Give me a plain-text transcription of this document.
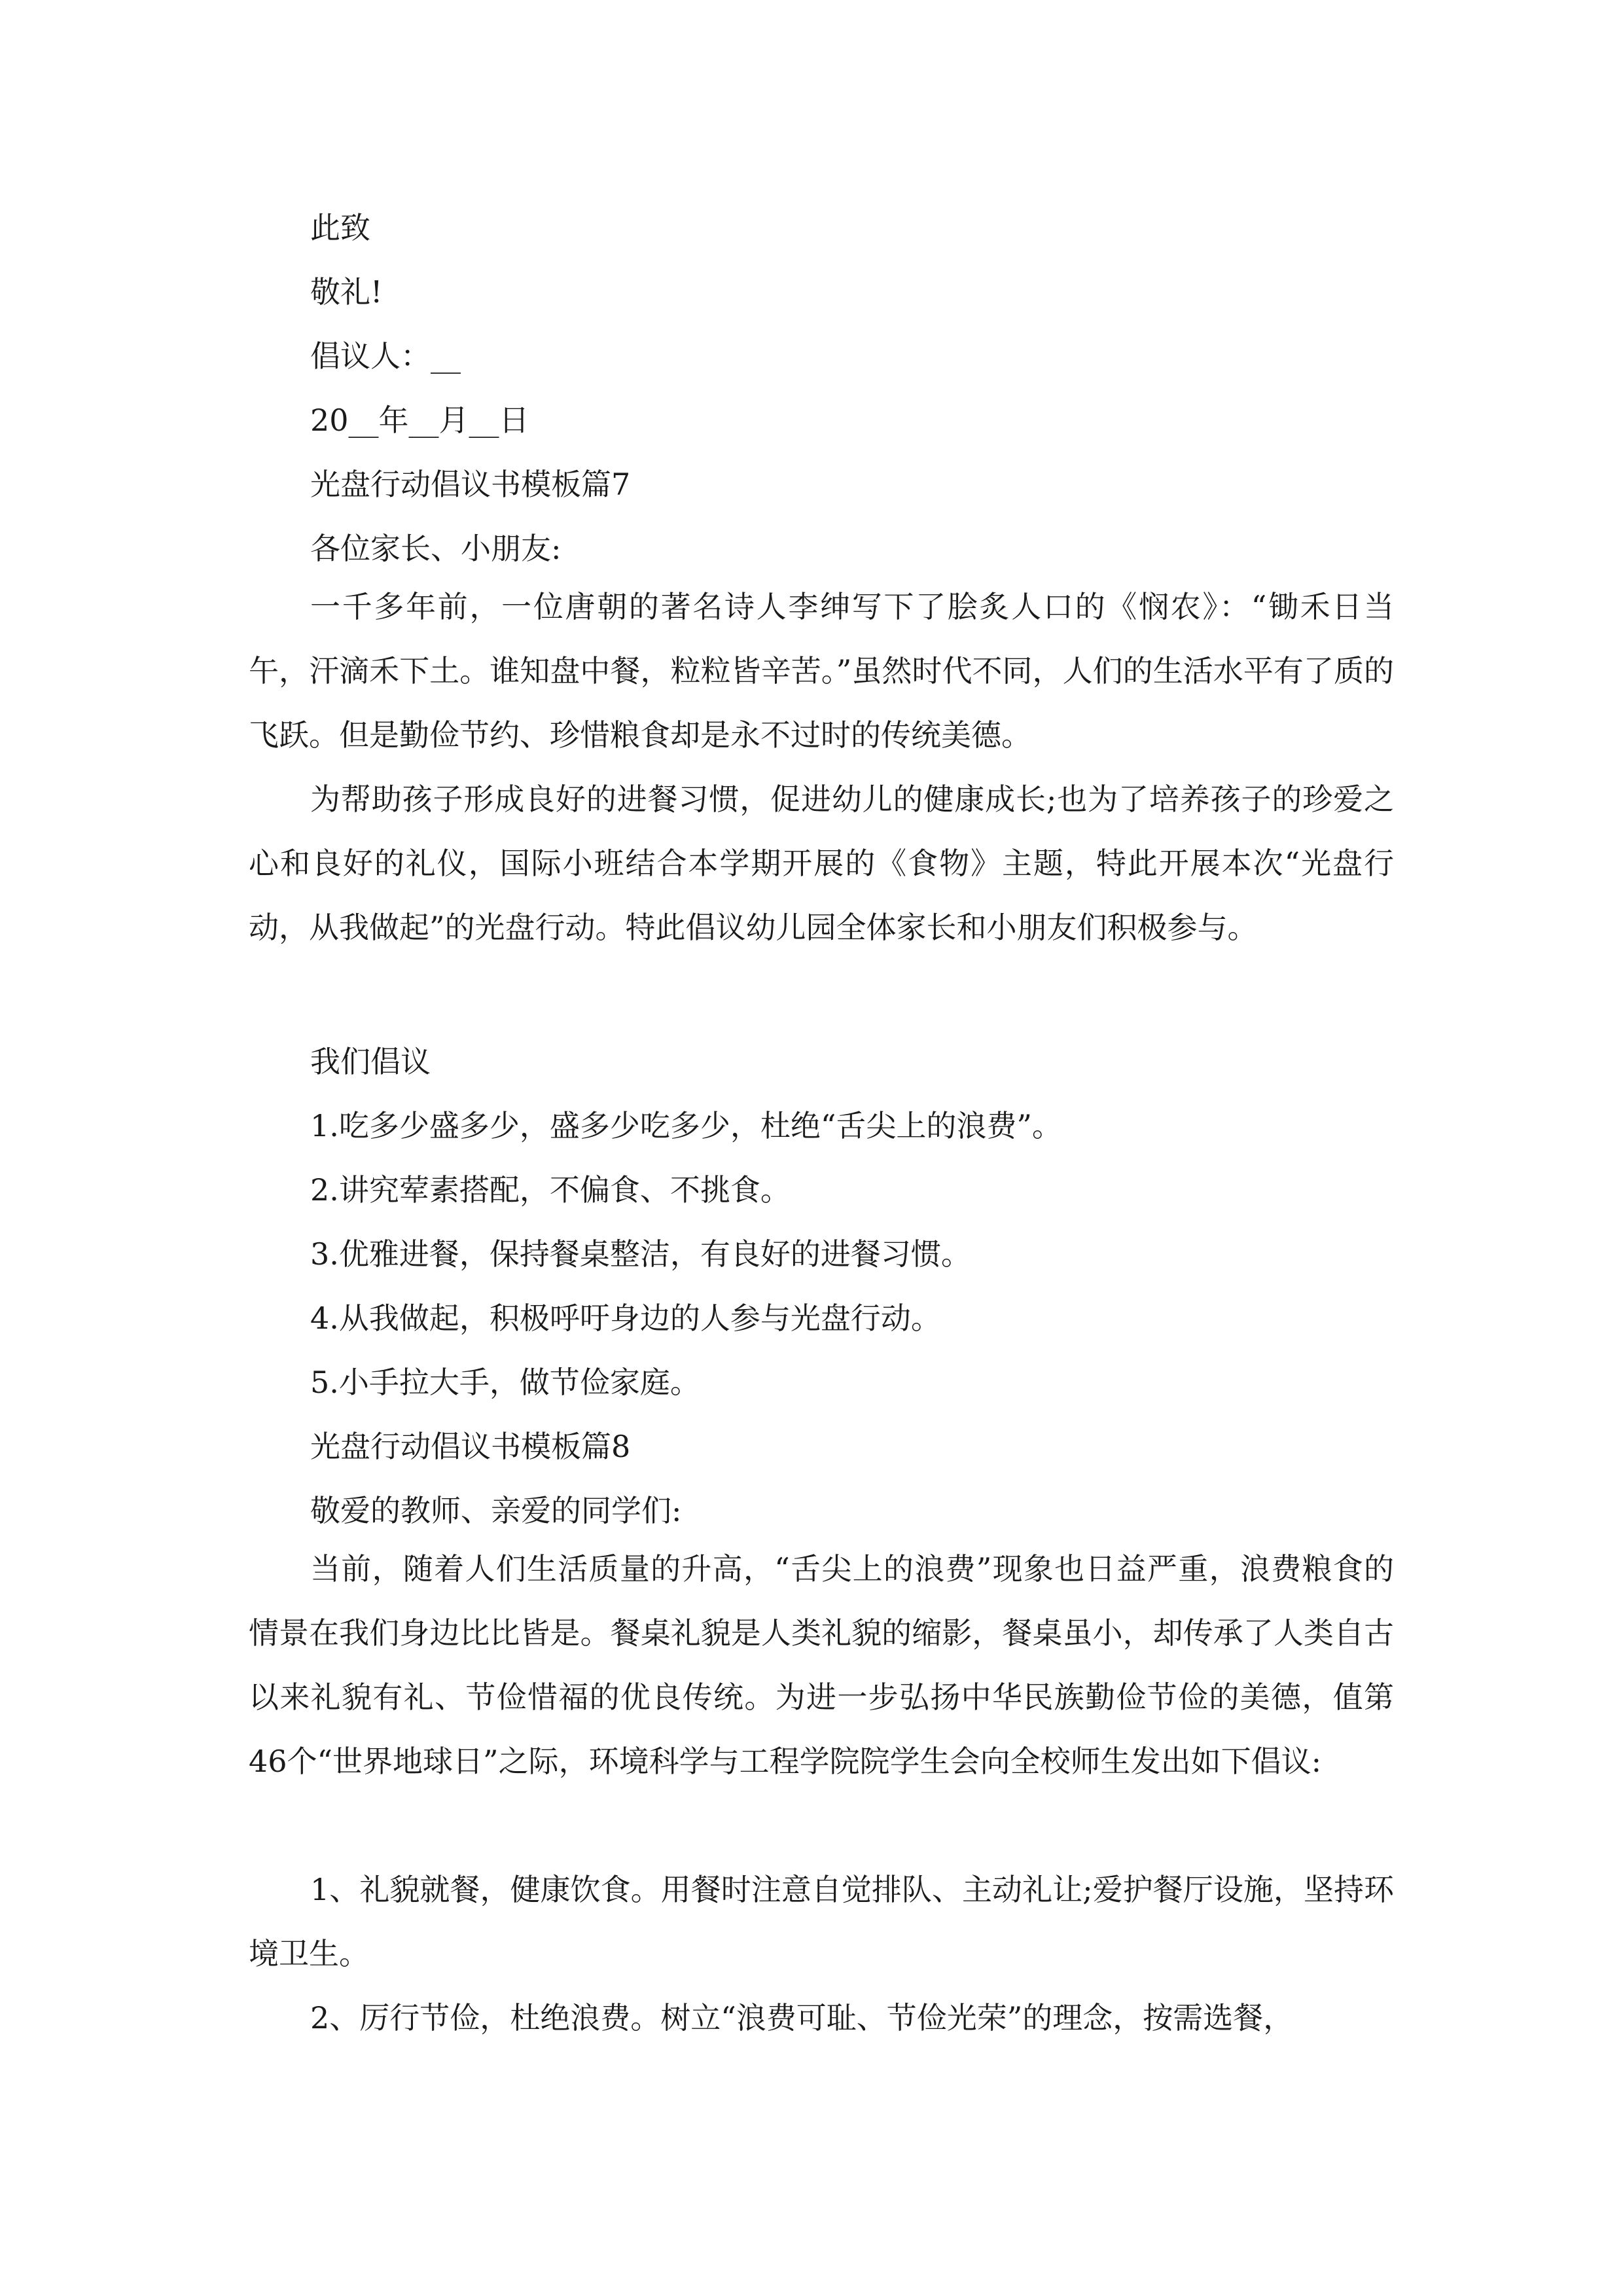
此致
敬礼!
倡议人：__
20__年__月__日
光盘行动倡议书模板篇7
各位家长、小朋友:

一千多年前，一位唐朝的著名诗人李绅写下了脍炙人口的《悯农》：“锄禾日当午，汗滴禾下土。谁知盘中餐，粒粒皆辛苦。”虽然时代不同，人们的生活水平有了质的飞跃。但是勤俭节约、珍惜粮食却是永不过时的传统美德。

为帮助孩子形成良好的进餐习惯，促进幼儿的健康成长;也为了培养孩子的珍爱之心和良好的礼仪，国际小班结合本学期开展的《食物》主题，特此开展本次“光盘行动，从我做起”的光盘行动。特此倡议幼儿园全体家长和小朋友们积极参与。

我们倡议
1.吃多少盛多少，盛多少吃多少，杜绝“舌尖上的浪费”。
2.讲究荤素搭配，不偏食、不挑食。
3.优雅进餐，保持餐桌整洁，有良好的进餐习惯。
4.从我做起，积极呼吁身边的人参与光盘行动。
5.小手拉大手，做节俭家庭。
光盘行动倡议书模板篇8
敬爱的教师、亲爱的同学们:

当前，随着人们生活质量的升高，“舌尖上的浪费”现象也日益严重，浪费粮食的情景在我们身边比比皆是。餐桌礼貌是人类礼貌的缩影，餐桌虽小，却传承了人类自古以来礼貌有礼、节俭惜福的优良传统。为进一步弘扬中华民族勤俭节俭的美德，值第46个“世界地球日”之际，环境科学与工程学院院学生会向全校师生发出如下倡议:

1、礼貌就餐，健康饮食。用餐时注意自觉排队、主动礼让;爱护餐厅设施，坚持环境卫生。

2、厉行节俭，杜绝浪费。树立“浪费可耻、节俭光荣”的理念，按需选餐，
